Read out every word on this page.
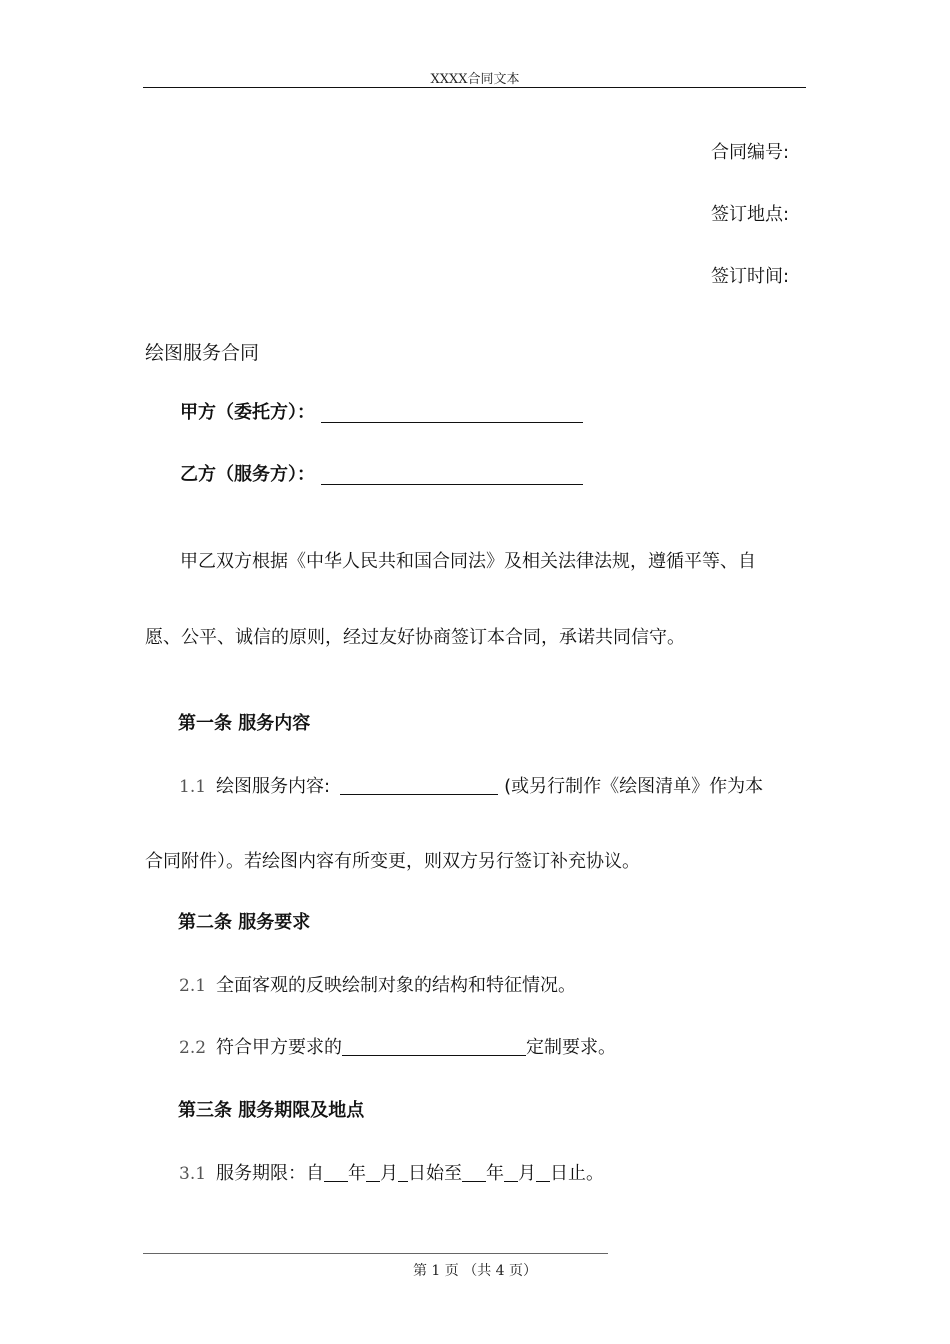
XXXX合同文本
合同编号:
签订地点:
签订时间:
绘图服务合同
甲方（委托方）：
乙方（服务方）：
甲乙双方根据《中华人民共和国合同法》及相关法律法规，遵循平等、自
愿、公平、诚信的原则，经过友好协商签订本合同，承诺共同信守。
第一条 服务内容
1.1 绘图服务内容:	(或另行制作《绘图清单》作为本
合同附件）。若绘图内容有所变更，则双方另行签订补充协议。
第二条 服务要求
2.1 全面客观的反映绘制对象的结构和特征情况。
2.2 符合甲方要求的	定制要求。
第三条 服务期限及地点
3.1 服务期限：自 年 月 日始至 年 月 日止。
第 1 页 （共 4 页）
